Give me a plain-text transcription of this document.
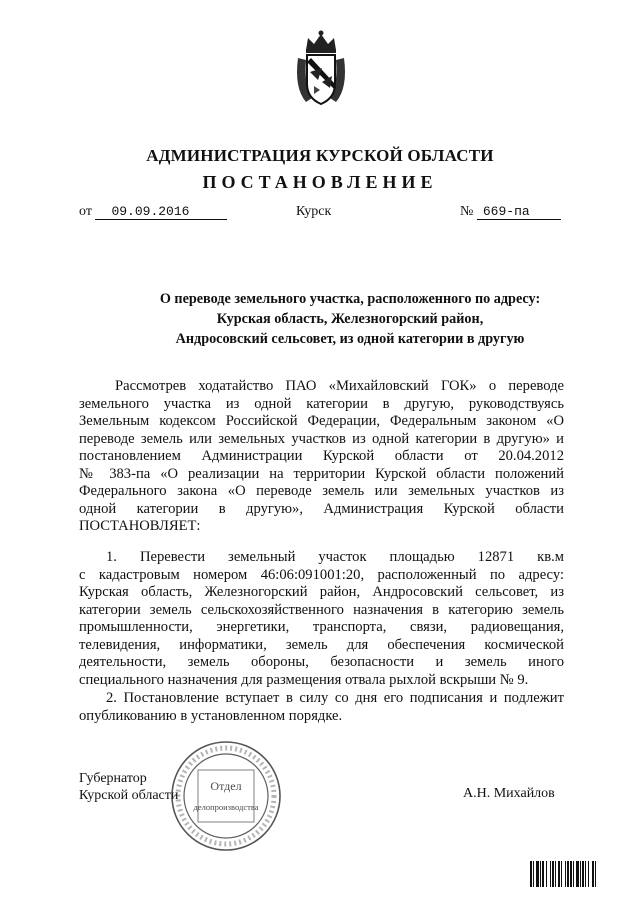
АДМИНИСТРАЦИЯ КУРСКОЙ ОБЛАСТИ
ПОСТАНОВЛЕНИЕ
от 09.09.2016	Курск	№ 669-па
О переводе земельного участка, расположенного по адресу:
Курская область, Железногорский район,
Андросовский сельсовет, из одной категории в другую
Рассмотрев ходатайство ПАО «Михайловский ГОК» о переводе
земельного участка из одной категории в другую, руководствуясь
Земельным кодексом Российской Федерации, Федеральным законом «О
переводе земель или земельных участков из одной категории в другую» и
постановлением Администрации Курской области от 20.04.2012
№ 383-па «О реализации на территории Курской области положений
Федерального закона «О переводе земель или земельных участков из
одной категории в другую», Администрация Курской области
ПОСТАНОВЛЯЕТ:
1. Перевести земельный участок площадью 12871 кв.м
с кадастровым номером 46:06:091001:20, расположенный по адресу:
Курская область, Железногорский район, Андросовский сельсовет, из
категории земель сельскохозяйственного назначения в категорию земель
промышленности, энергетики, транспорта, связи, радиовещания,
телевидения, информатики, земель для обеспечения космической
деятельности, земель обороны, безопасности и земель иного
специального назначения для размещения отвала рыхлой вскрыши № 9.
2. Постановление вступает в силу со дня его подписания и подлежит
опубликованию в установленном порядке.
Губернатор
Курской области	А.Н. Михайлов
Отдел
делопроизводства
